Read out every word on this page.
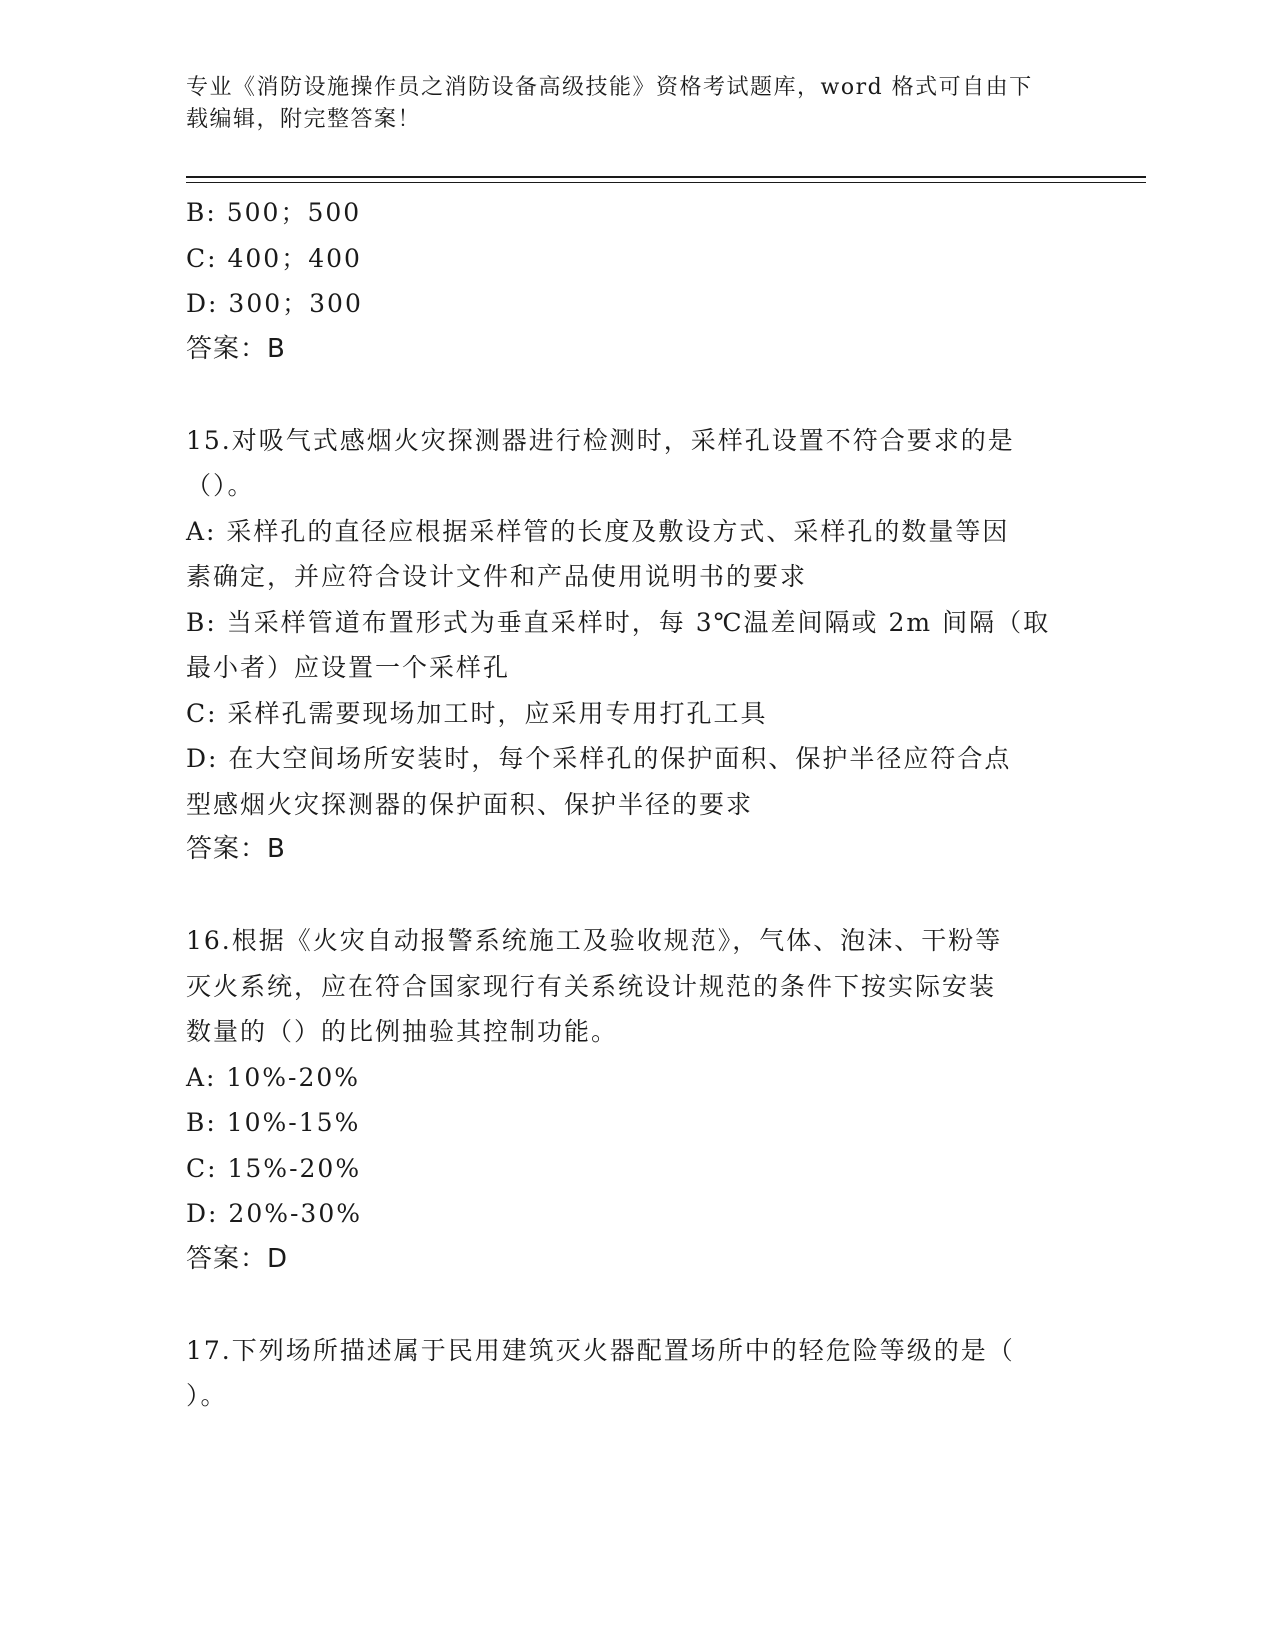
专业《消防设施操作员之消防设备高级技能》资格考试题库，word 格式可自由下
载编辑，附完整答案！
B: 500；500
C: 400；400
D: 300；300
答案：B
15.对吸气式感烟火灾探测器进行检测时，采样孔设置不符合要求的是
（）。
A: 采样孔的直径应根据采样管的长度及敷设方式、采样孔的数量等因
素确定，并应符合设计文件和产品使用说明书的要求
B: 当采样管道布置形式为垂直采样时，每 3℃温差间隔或 2m 间隔（取
最小者）应设置一个采样孔
C: 采样孔需要现场加工时，应采用专用打孔工具
D: 在大空间场所安装时，每个采样孔的保护面积、保护半径应符合点
型感烟火灾探测器的保护面积、保护半径的要求
答案：B
16.根据《火灾自动报警系统施工及验收规范》，气体、泡沫、干粉等
灭火系统，应在符合国家现行有关系统设计规范的条件下按实际安装
数量的（）的比例抽验其控制功能。
A: 10%-20%
B: 10%-15%
C: 15%-20%
D: 20%-30%
答案：D
17.下列场所描述属于民用建筑灭火器配置场所中的轻危险等级的是（
）。
